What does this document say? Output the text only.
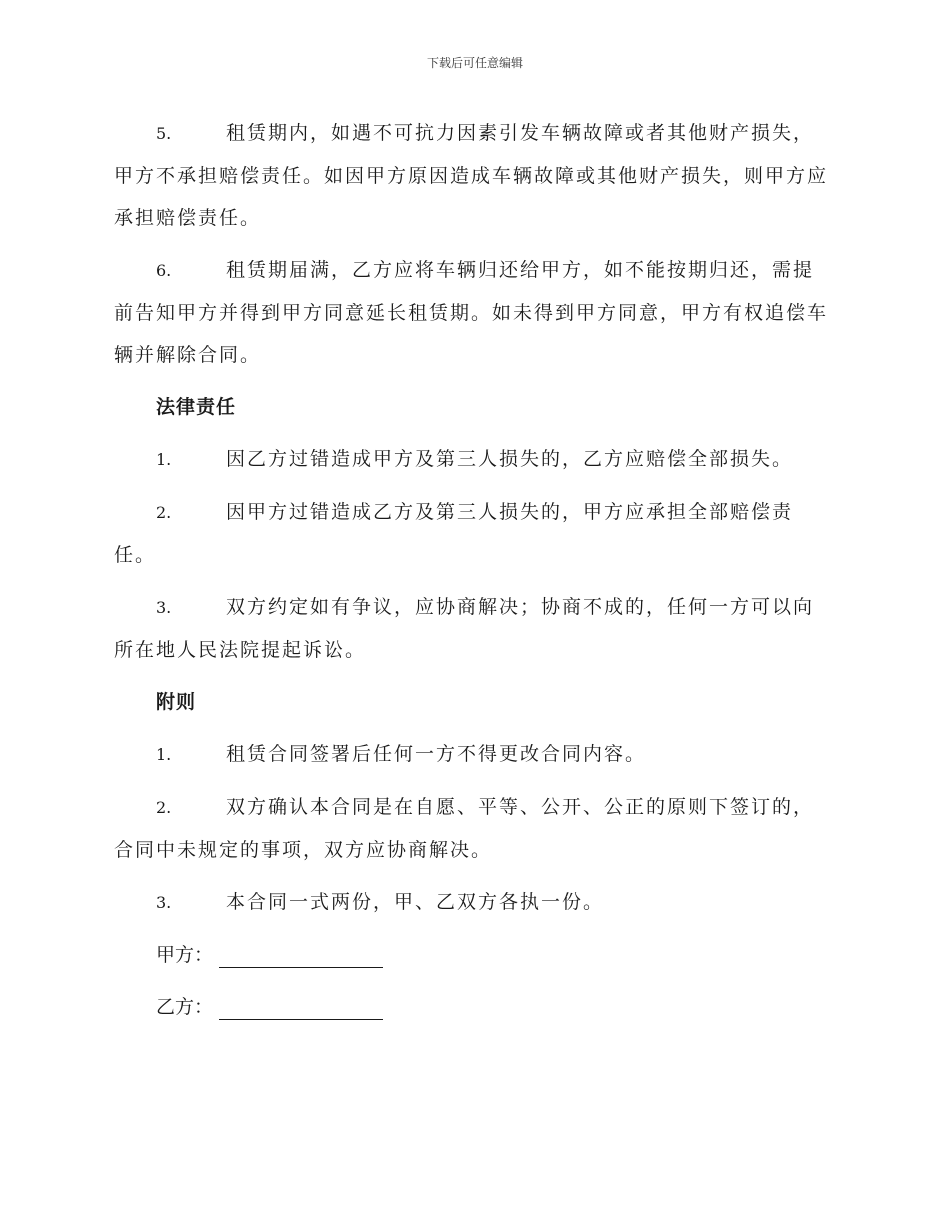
下载后可任意编辑

5.	租赁期内，如遇不可抗力因素引发车辆故障或者其他财产损失，甲方不承担赔偿责任。如因甲方原因造成车辆故障或其他财产损失，则甲方应承担赔偿责任。

6.	租赁期届满，乙方应将车辆归还给甲方，如不能按期归还，需提前告知甲方并得到甲方同意延长租赁期。如未得到甲方同意，甲方有权追偿车辆并解除合同。

法律责任

1.	因乙方过错造成甲方及第三人损失的，乙方应赔偿全部损失。

2.	因甲方过错造成乙方及第三人损失的，甲方应承担全部赔偿责任。

3.	双方约定如有争议，应协商解决；协商不成的，任何一方可以向所在地人民法院提起诉讼。

附则

1.	租赁合同签署后任何一方不得更改合同内容。

2.	双方确认本合同是在自愿、平等、公开、公正的原则下签订的，合同中未规定的事项，双方应协商解决。

3.	本合同一式两份，甲、乙双方各执一份。

甲方：
乙方：
